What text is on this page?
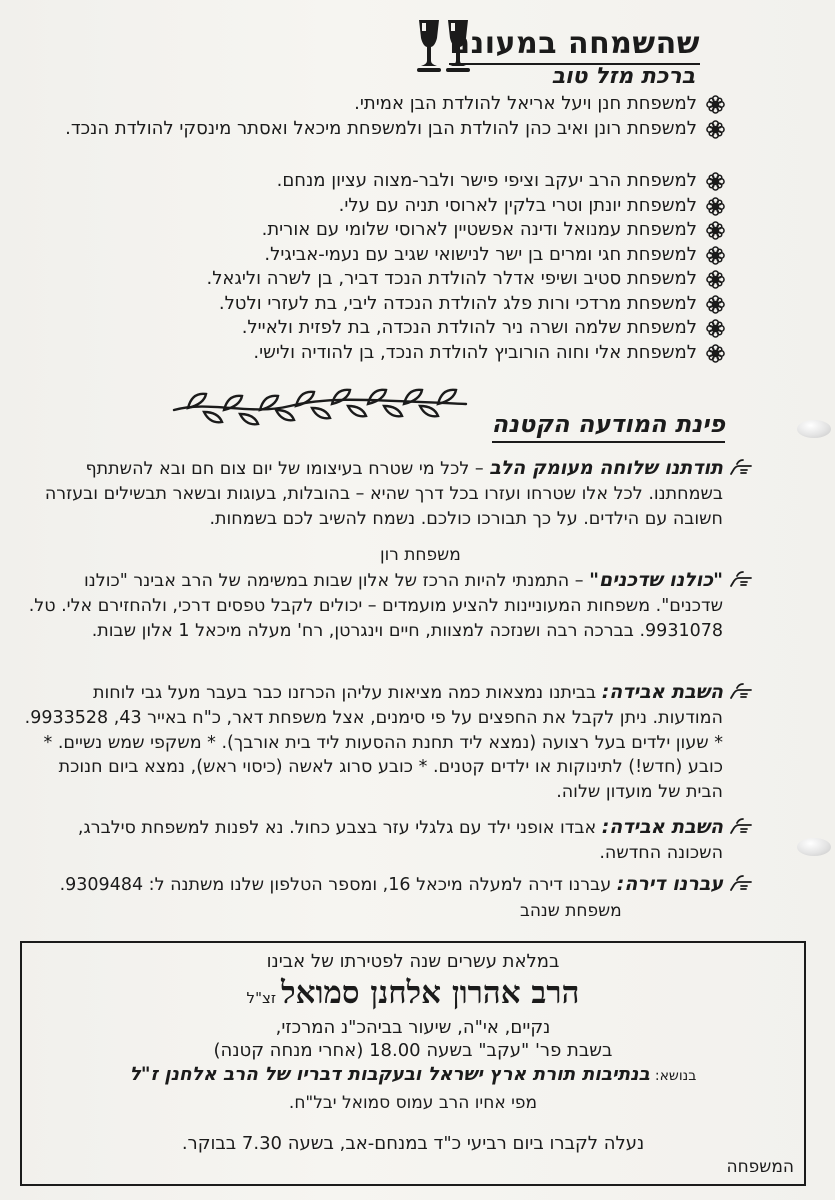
שהשמחה במעונם
ברכת מזל טוב
למשפחת חנן ויעל אריאל להולדת הבן אמיתי.
למשפחת רונן ואיב כהן להולדת הבן ולמשפחת מיכאל ואסתר מינסקי להולדת הנכד.
למשפחת הרב יעקב וציפי פישר ולבר-מצוה עציון מנחם.
למשפחת יונתן וטרי בלקין לארוסי תניה עם עלי.
למשפחת עמנואל ודינה אפשטיין לארוסי שלומי עם אורית.
למשפחת חגי ומרים בן ישר לנישואי שגיב עם נעמי-אביגיל.
למשפחת סטיב ושיפי אדלר להולדת הנכד דביר, בן לשרה וליגאל.
למשפחת מרדכי ורות פלג להולדת הנכדה ליבי, בת לעזרי ולטל.
למשפחת שלמה ושרה ניר להולדת הנכדה, בת לפזית ולאייל.
למשפחת אלי וחוה הורוביץ להולדת הנכד, בן להודיה ולישי.
פינת המודעה הקטנה
תודתנו שלוחה מעומק הלב – לכל מי שטרח בעיצומו של יום צום חם ובא להשתתף בשמחתנו. לכל אלו שטרחו ועזרו בכל דרך שהיא – בהובלות, בעוגות ובשאר תבשילים ובעזרה חשובה עם הילדים. על כך תבורכו כולכם. נשמח להשיב לכם בשמחות.
משפחת רון
"כולנו שדכנים" – התמנתי להיות הרכז של אלון שבות במשימה של הרב אבינר "כולנו שדכנים". משפחות המעוניינות להציע מועמדים – יכולים לקבל טפסים דרכי, ולהחזירם אלי. טל. 9931078. בברכה רבה ושנזכה למצוות, חיים וינגרטן, רח' מעלה מיכאל 1 אלון שבות.
השבת אבידה: בביתנו נמצאות כמה מציאות עליהן הכרזנו כבר בעבר מעל גבי לוחות המודעות. ניתן לקבל את החפצים על פי סימנים, אצל משפחת דאר, כ"ח באייר 43, 9933528. * שעון ילדים בעל רצועה (נמצא ליד תחנת ההסעות ליד בית אורבך). * משקפי שמש נשיים. * כובע (חדש!) לתינוקות או ילדים קטנים. * כובע סרוג לאשה (כיסוי ראש), נמצא ביום חנוכת הבית של מועדון שלוה.
השבת אבידה: אבדו אופני ילד עם גלגלי עזר בצבע כחול. נא לפנות למשפחת סילברג, השכונה החדשה.
עברנו דירה: עברנו דירה למעלה מיכאל 16, ומספר הטלפון שלנו משתנה ל: 9309484.
משפחת שנהב
במלאת עשרים שנה לפטירתו של אבינו
הרב אהרון אלחנן סמואל זצ"ל
נקיים, אי"ה, שיעור בביהכ"נ המרכזי,
בשבת פר' "עקב" בשעה 18.00 (אחרי מנחה קטנה)
בנושא: בנתיבות תורת ארץ ישראל ובעקבות דבריו של הרב אלחנן ז"ל
מפי אחיו הרב עמוס סמואל יבל"ח.
נעלה לקברו ביום רביעי כ"ד במנחם-אב, בשעה 7.30 בבוקר.
המשפחה
